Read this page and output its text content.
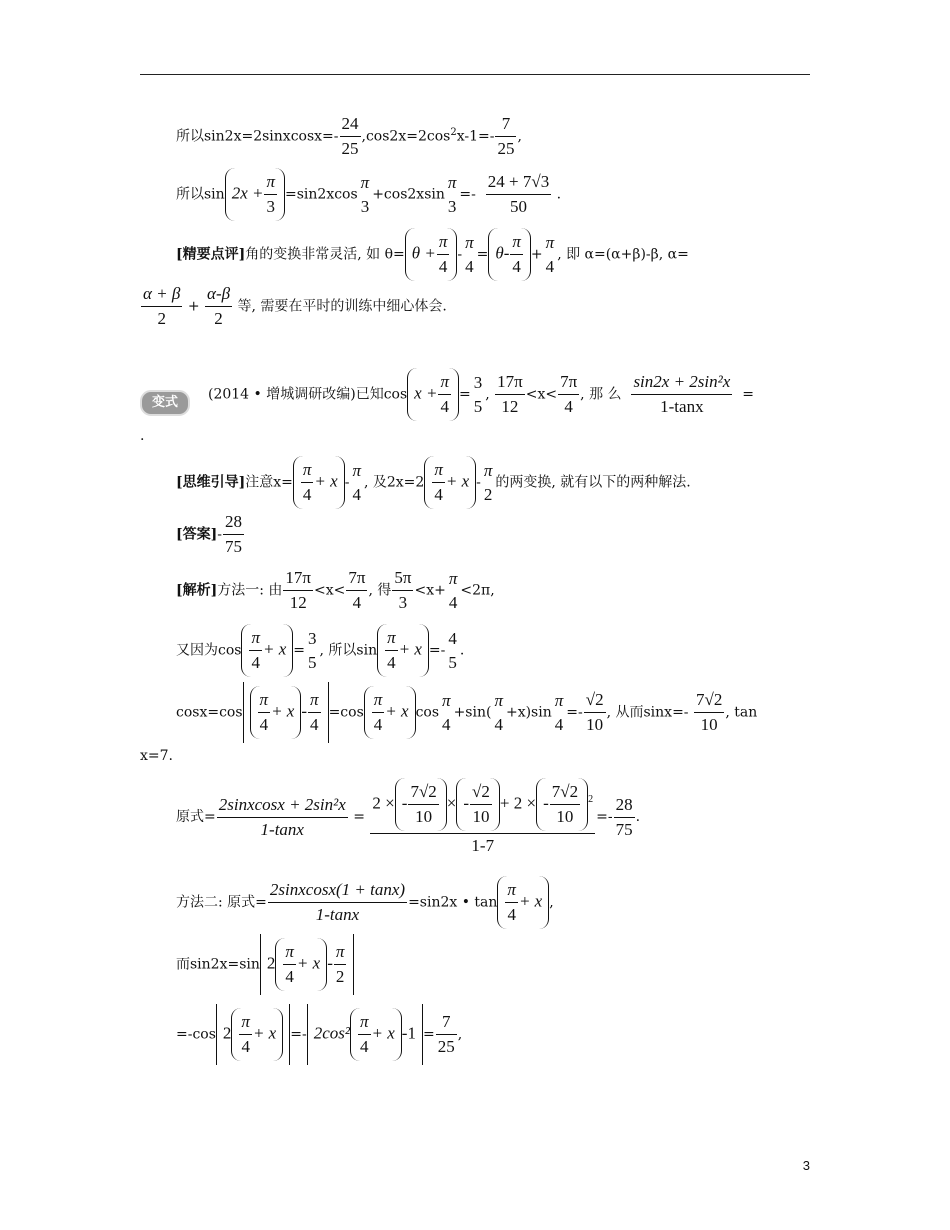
所以sin2x=2sinxcosx=- $\frac{24}{25} ,\cos 2x=2\cos^2x-1=- \frac{7}{25}$ ,
所以$\sin 2x + \frac{\pi}{3} =\sin 2xcos$
π
3
+cos2xsin
π
3
=- $\frac{24 + 7√3}{50}$ .
[精要点评]角的变换非常灵活, 如 $\theta= \theta + \frac{\pi}{4}$ -
π
4
= $\theta- \frac{\pi}{4}$ +
π
4
, 即 α=(α+β)-β, α=
$\frac{\alpha + \beta}{2} + \frac{\alpha-\beta}{2}$ 等, 需要在平时的训练中细心体会.
变式	(2014 • 增城调研改编)已知$\cos x + \frac{\pi}{4}$ =
3
5
, $\frac{17\pi}{12} <x< \frac{7\pi}{4}$ , 那 么 $\frac{\text{sin2x + 2sin²x}}{1-\tan x}$ =
.
[思维引导]注意$x= \frac{\pi}{4} + x$ -
π
4
, 及$2x=2 \frac{\pi}{4} + x$ -
π
2
的两变换, 就有以下的两种解法.
[答案]- $\frac{28}{75}$
[解析]方法一: 由 $\frac{17\pi}{12} <x< \frac{7\pi}{4}$ , 得 $\frac{5\pi}{3} <x+$
π
4
<2π,
又因为$\cos \frac{\pi}{4} + x$ =
3
5
, 所以$\sin \frac{\pi}{4} + x$ =-
4
5
.
$\cos x=\cos \frac{\pi}{4} + x - \frac{\pi}{4} =\cos \frac{\pi}{4} + x$ cos
π
4
+sin(
π
4
+x)sin
π
4
=- $\frac{√2}{10}$ , 从而$\sin x=- \frac{7√2}{10}$ , tan
x=7.
原式= $\frac{\text{2sinxcosx + 2sin²x}}{1-\tan x} = \frac{2 \times - \frac{7√2}{10} \times - \frac{√2}{10} + 2 \times - \frac{7√2}{10} ^2}{1-7} =- \frac{28}{75}$ .
方法二: 原式= $\frac{\text{2sinxcosx(1 + tanx)}}{1-\tan x} =\sin 2x$ • $\tan \frac{\pi}{4} + x$ ,
而sin2x=sin $2 \frac{\pi}{4} + x - \frac{\pi}{2}$
=-cos $2 \frac{\pi}{4} + x =- 2\cos^2 \frac{\pi}{4} + x$ $-1 = \frac{7}{25}$ ,
3
